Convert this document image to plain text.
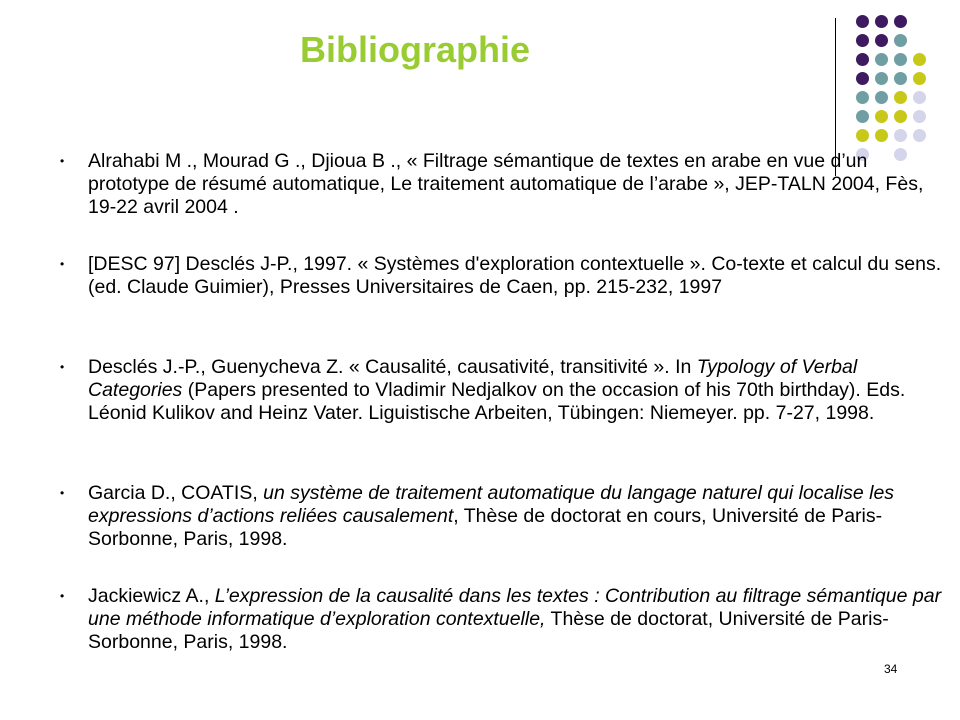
Bibliographie
• Alrahabi M ., Mourad G ., Djioua B ., « Filtrage sémantique de textes en arabe en vue d’un prototype de résumé automatique, Le traitement automatique de l’arabe », JEP-TALN 2004, Fès, 19-22 avril 2004 .
• [DESC 97] Desclés J-P., 1997. « Systèmes d'exploration contextuelle ». Co-texte et calcul du sens. (ed. Claude Guimier), Presses Universitaires de Caen, pp. 215-232, 1997
• Desclés J.-P., Guenycheva Z. « Causalité, causativité, transitivité ». In Typology of Verbal Categories (Papers presented to Vladimir Nedjalkov on the occasion of his 70th birthday). Eds. Léonid Kulikov and Heinz Vater. Liguistische Arbeiten, Tübingen: Niemeyer. pp. 7-27, 1998.
• Garcia D., COATIS, un système de traitement automatique du langage naturel qui localise les expressions d’actions reliées causalement, Thèse de doctorat en cours, Université de Paris-Sorbonne, Paris, 1998.
• Jackiewicz A., L’expression de la causalité dans les textes : Contribution au filtrage sémantique par une méthode informatique d’exploration contextuelle, Thèse de doctorat, Université de Paris-Sorbonne, Paris, 1998.
34
